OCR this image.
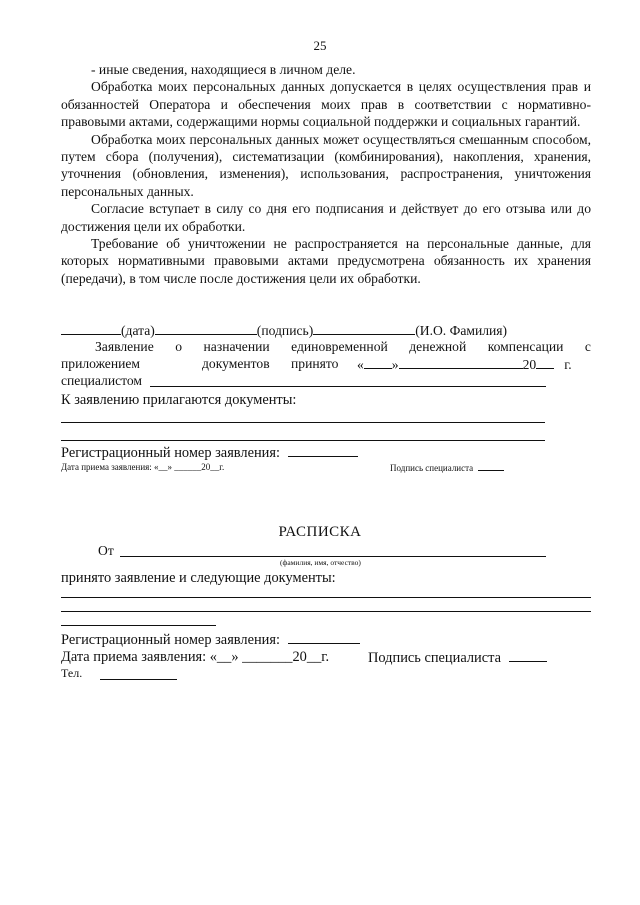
25

- иные сведения, находящиеся в личном деле.

Обработка моих персональных данных допускается в целях осуществления прав и обязанностей Оператора и обеспечения моих прав в соответствии с нормативно-правовыми актами, содержащими нормы социальной поддержки и социальных гарантий.

Обработка моих персональных данных может осуществляться смешанным способом, путем сбора (получения), систематизации (комбинирования), накопления, хранения, уточнения (обновления, изменения), использования, распространения, уничтожения персональных данных.

Согласие вступает в силу со дня его подписания и действует до его отзыва или до достижения цели их обработки.

Требование об уничтожении не распространяется на персональные данные, для которых нормативными правовыми актами предусмотрена обязанность их хранения (передачи), в том числе после достижения цели их обработки.

(дата)	(подпись)	(И.О. Фамилия)
Заявление о назначении единовременной денежной компенсации с
приложением	документов принято « »	20 г.
специалистом
К заявлению прилагаются документы:
Регистрационный номер заявления:
Дата приема заявления: «__» ______20__г.	Подпись специалиста
РАСПИСКА
От
(фамилия, имя, отчество)
принято заявление и следующие документы:
Регистрационный номер заявления:
Дата приема заявления: «__» _______20__г.	Подпись специалиста
Тел.
